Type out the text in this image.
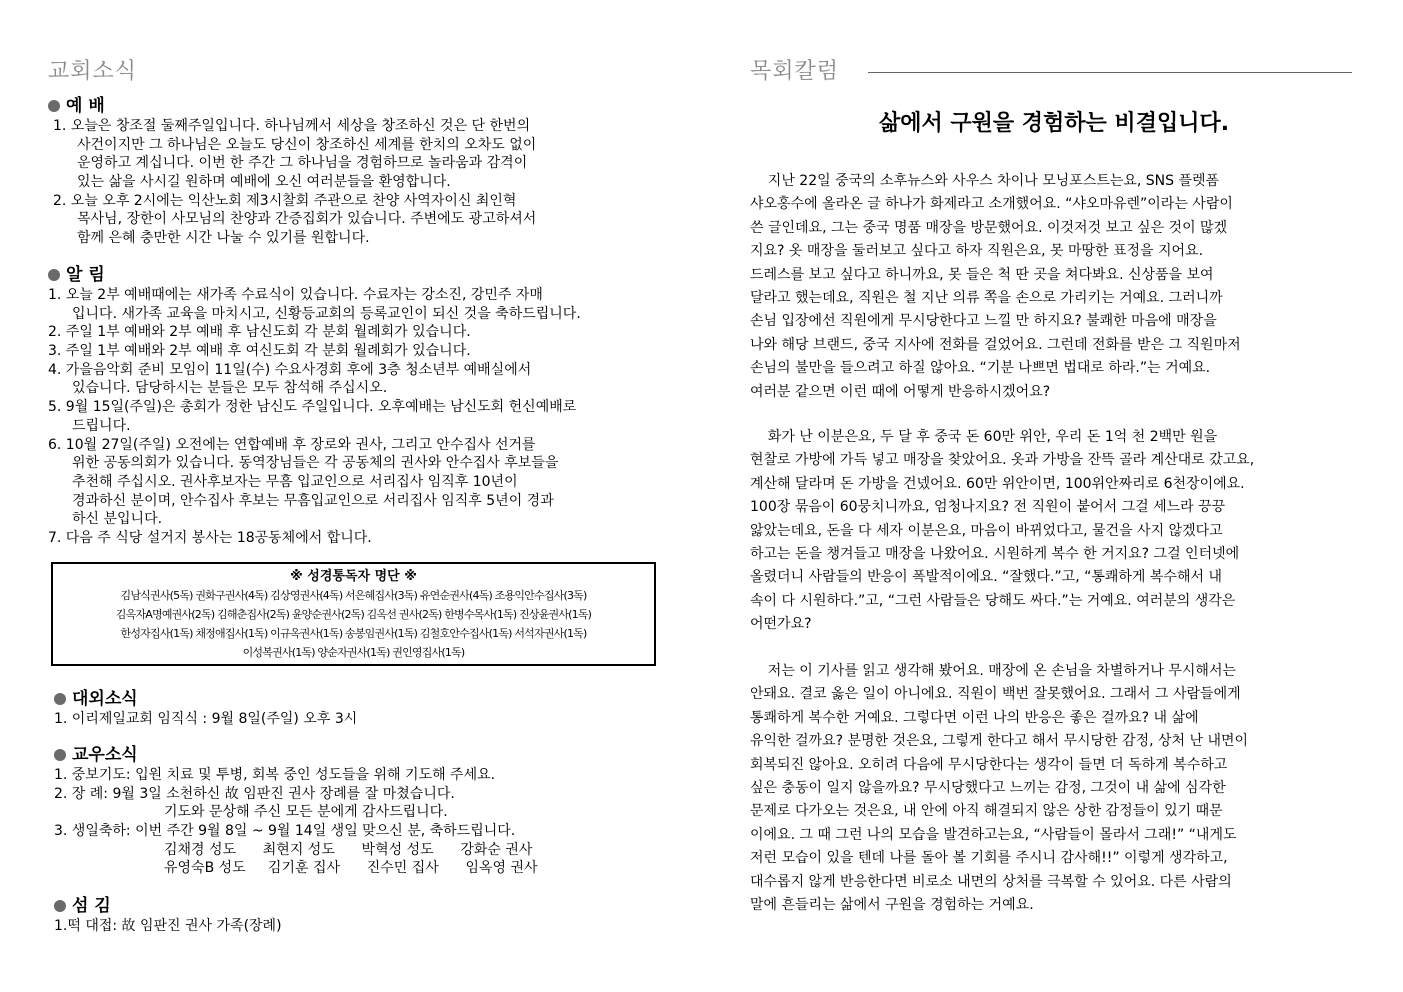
교회소식
예 배
1. 오늘은 창조절 둘째주일입니다. 하나님께서 세상을 창조하신 것은 단 한번의
사건이지만 그 하나님은 오늘도 당신이 창조하신 세계를 한치의 오차도 없이
운영하고 계십니다. 이번 한 주간 그 하나님을 경험하므로 놀라움과 감격이
있는 삶을 사시길 원하며 예배에 오신 여러분들을 환영합니다.
2. 오늘 오후 2시에는 익산노회 제3시찰회 주관으로 찬양 사역자이신 최인혁
목사님, 장한이 사모님의 찬양과 간증집회가 있습니다. 주변에도 광고하셔서
함께 은혜 충만한 시간 나눌 수 있기를 원합니다.
알 림
1. 오늘 2부 예배때에는 새가족 수료식이 있습니다. 수료자는 강소진, 강민주 자매
입니다. 새가족 교육을 마치시고, 신황등교회의 등록교인이 되신 것을 축하드립니다.
2. 주일 1부 예배와 2부 예배 후 남신도회 각 분회 월례회가 있습니다.
3. 주일 1부 예배와 2부 예배 후 여신도회 각 분회 월례회가 있습니다.
4. 가을음악회 준비 모임이 11일(수) 수요사경회 후에 3층 청소년부 예배실에서
있습니다. 담당하시는 분들은 모두 참석해 주십시오.
5. 9월 15일(주일)은 총회가 정한 남신도 주일입니다. 오후예배는 남신도회 헌신예배로
드립니다.
6. 10월 27일(주일) 오전에는 연합예배 후 장로와 권사, 그리고 안수집사 선거를
위한 공동의회가 있습니다. 동역장님들은 각 공동체의 권사와 안수집사 후보들을
추천해 주십시오. 권사후보자는 무흠 입교인으로 서리집사 임직후 10년이
경과하신 분이며, 안수집사 후보는 무흠입교인으로 서리집사 임직후 5년이 경과
하신 분입니다.
7. 다음 주 식당 설거지 봉사는 18공동체에서 합니다.
※ 성경통독자 명단 ※
김남식권사(5독) 권화구권사(4독) 김상영권사(4독) 서은혜집사(3독) 유연순권사(4독) 조용익안수집사(3독)
김옥자A명예권사(2독) 김해춘집사(2독) 윤양순권사(2독) 김옥선 권사(2독) 한병수목사(1독) 진상윤권사(1독)
한성자집사(1독) 채정애집사(1독) 이규옥권사(1독) 송봉임권사(1독) 김철호안수집사(1독) 서석자권사(1독)
이성복권사(1독) 양순자권사(1독) 권인영집사(1독)
대외소식
1. 이리제일교회 임직식 : 9월 8일(주일) 오후 3시
교우소식
1. 중보기도: 입원 치료 및 투병, 회복 중인 성도들을 위해 기도해 주세요.
2. 장 례: 9월 3일 소천하신 故 임판진 권사 장례를 잘 마쳤습니다.
기도와 문상해 주신 모든 분에게 감사드립니다.
3. 생일축하: 이번 주간 9월 8일 ~ 9월 14일 생일 맞으신 분, 축하드립니다.
김채경 성도      최현지 성도      박혁성 성도      강화순 권사
유영숙B 성도     김기훈 집사      진수민 집사      임옥영 권사
섬 김
1.떡 대접: 故 임판진 권사 가족(장례)
목회칼럼
삶에서 구원을 경험하는 비결입니다.
지난 22일 중국의 소후뉴스와 사우스 차이나 모닝포스트는요, SNS 플렛폼
샤오홍수에 올라온 글 하나가 화제라고 소개했어요. “샤오마유렌”이라는 사람이
쓴 글인데요, 그는 중국 명품 매장을 방문했어요. 이것저것 보고 싶은 것이 많겠
지요? 옷 매장을 둘러보고 싶다고 하자 직원은요, 못 마땅한 표정을 지어요.
드레스를 보고 싶다고 하니까요, 못 들은 척 딴 곳을 쳐다봐요. 신상품을 보여
달라고 했는데요, 직원은 철 지난 의류 쪽을 손으로 가리키는 거예요. 그러니까
손님 입장에선 직원에게 무시당한다고 느낄 만 하지요? 불쾌한 마음에 매장을
나와 해당 브랜드, 중국 지사에 전화를 걸었어요. 그런데 전화를 받은 그 직원마저
손님의 불만을 들으려고 하질 않아요. “기분 나쁘면 법대로 하라.”는 거예요.
여러분 같으면 이런 때에 어떻게 반응하시겠어요?
화가 난 이분은요, 두 달 후 중국 돈 60만 위안, 우리 돈 1억 천 2백만 원을
현찰로 가방에 가득 넣고 매장을 찾았어요. 옷과 가방을 잔뜩 골라 계산대로 갔고요,
계산해 달라며 돈 가방을 건넸어요. 60만 위안이면, 100위안짜리로 6천장이에요.
100장 묶음이 60뭉치니까요, 엄청나지요? 전 직원이 붙어서 그걸 세느라 끙끙
앓았는데요, 돈을 다 세자 이분은요, 마음이 바뀌었다고, 물건을 사지 않겠다고
하고는 돈을 챙겨들고 매장을 나왔어요. 시원하게 복수 한 거지요? 그걸 인터넷에
올렸더니 사람들의 반응이 폭발적이에요. “잘했다.”고, “통쾌하게 복수해서 내
속이 다 시원하다.”고, “그런 사람들은 당해도 싸다.”는 거예요. 여러분의 생각은
어떤가요?
저는 이 기사를 읽고 생각해 봤어요. 매장에 온 손님을 차별하거나 무시해서는
안돼요. 결코 옳은 일이 아니에요. 직원이 백번 잘못했어요. 그래서 그 사람들에게
통쾌하게 복수한 거예요. 그렇다면 이런 나의 반응은 좋은 걸까요? 내 삶에
유익한 걸까요? 분명한 것은요, 그렇게 한다고 해서 무시당한 감정, 상처 난 내면이
회복되진 않아요. 오히려 다음에 무시당한다는 생각이 들면 더 독하게 복수하고
싶은 충동이 일지 않을까요? 무시당했다고 느끼는 감정, 그것이 내 삶에 심각한
문제로 다가오는 것은요, 내 안에 아직 해결되지 않은 상한 감정들이 있기 때문
이에요. 그 때 그런 나의 모습을 발견하고는요, “사람들이 몰라서 그래!” “내게도
저런 모습이 있을 텐데 나를 돌아 볼 기회를 주시니 감사해!!” 이렇게 생각하고,
대수롭지 않게 반응한다면 비로소 내면의 상처를 극복할 수 있어요. 다른 사람의
말에 흔들리는 삶에서 구원을 경험하는 거예요.
